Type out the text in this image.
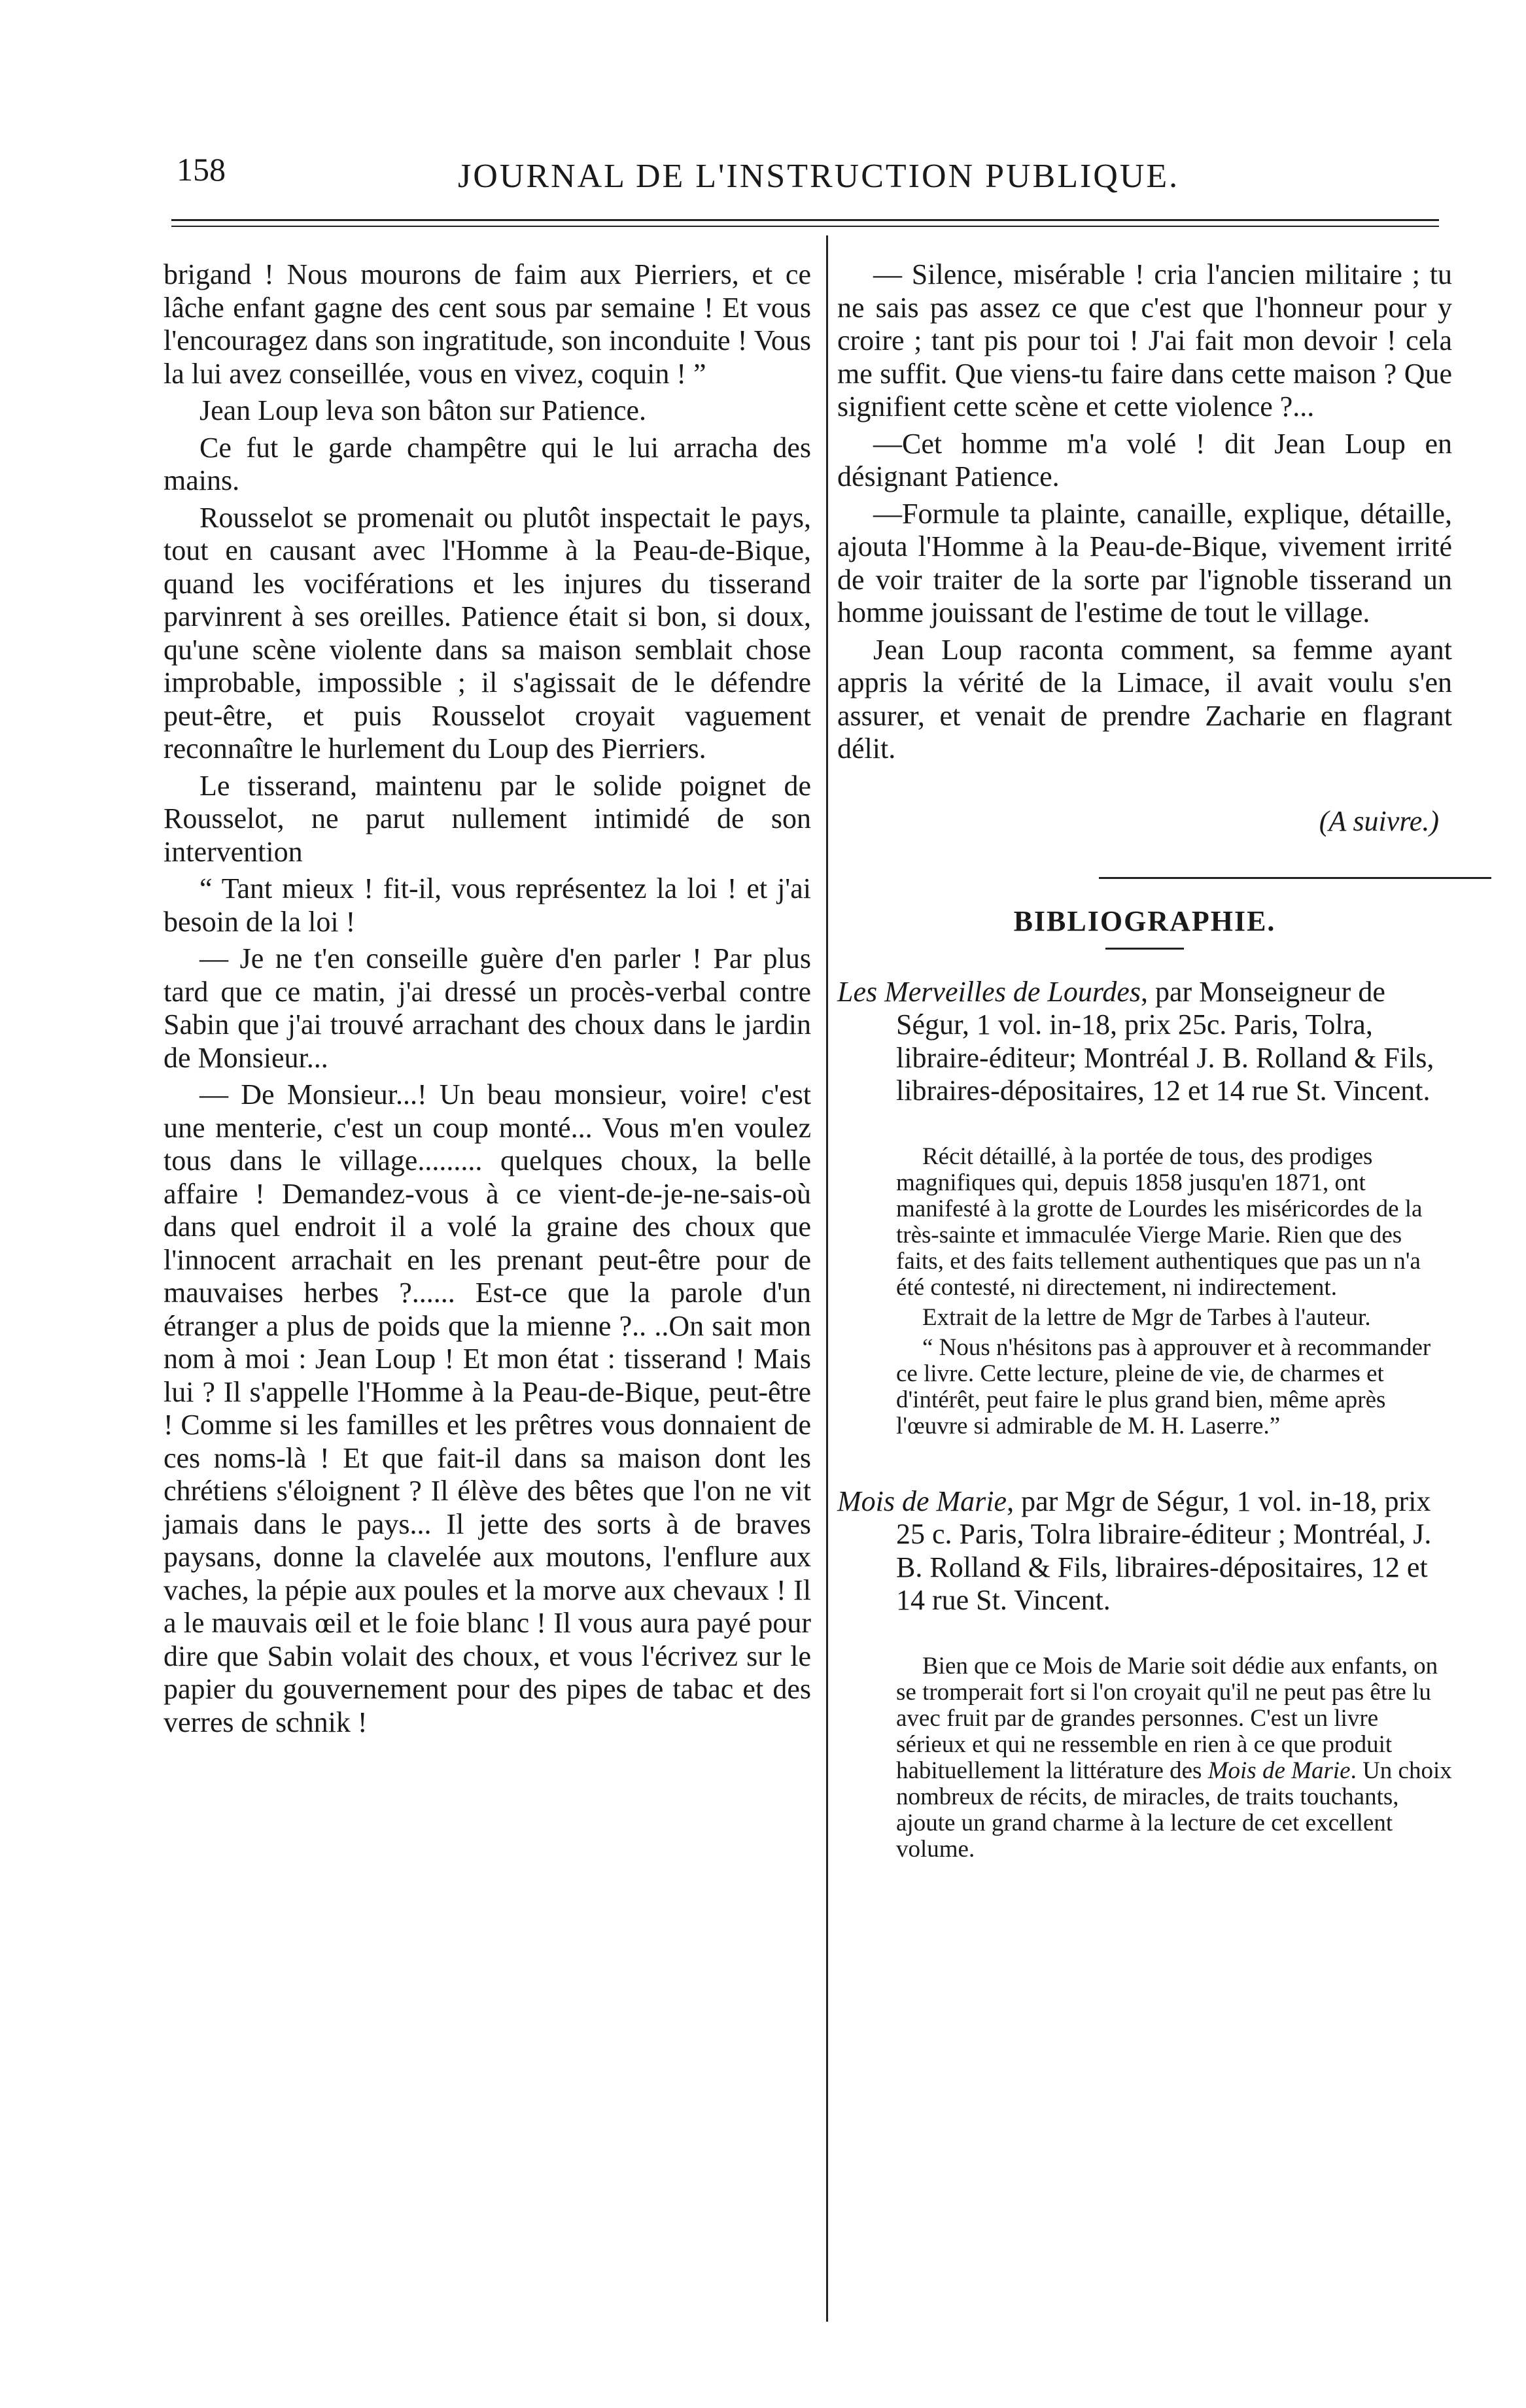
158	JOURNAL DE L'INSTRUCTION PUBLIQUE.

brigand ! Nous mourons de faim aux Pierriers, et ce lâche enfant gagne des cent sous par semaine ! Et vous l'encouragez dans son ingratitude, son inconduite ! Vous la lui avez conseillée, vous en vivez, coquin ! ”

Jean Loup leva son bâton sur Patience.

Ce fut le garde champêtre qui le lui arracha des mains.

Rousselot se promenait ou plutôt inspectait le pays, tout en causant avec l'Homme à la Peau-de-Bique, quand les vociférations et les injures du tisserand parvinrent à ses oreilles. Patience était si bon, si doux, qu'une scène violente dans sa maison semblait chose improbable, impossible ; il s'agissait de le défendre peut-être, et puis Rousselot croyait vaguement reconnaître le hurlement du Loup des Pierriers.

Le tisserand, maintenu par le solide poignet de Rousselot, ne parut nullement intimidé de son intervention

“ Tant mieux ! fit-il, vous représentez la loi ! et j'ai besoin de la loi !

— Je ne t'en conseille guère d'en parler ! Par plus tard que ce matin, j'ai dressé un procès-verbal contre Sabin que j'ai trouvé arrachant des choux dans le jardin de Monsieur...

— De Monsieur...! Un beau monsieur, voire! c'est une menterie, c'est un coup monté... Vous m'en voulez tous dans le village......... quelques choux, la belle affaire ! Demandez-vous à ce vient-de-je-ne-sais-où dans quel endroit il a volé la graine des choux que l'innocent arrachait en les prenant peut-être pour de mauvaises herbes ?...... Est-ce que la parole d'un étranger a plus de poids que la mienne ?.. ..On sait mon nom à moi : Jean Loup ! Et mon état : tisserand ! Mais lui ? Il s'appelle l'Homme à la Peau-de-Bique, peut-être ! Comme si les familles et les prêtres vous donnaient de ces noms-là ! Et que fait-il dans sa maison dont les chrétiens s'éloignent ? Il élève des bêtes que l'on ne vit jamais dans le pays... Il jette des sorts à de braves paysans, donne la clavelée aux moutons, l'enflure aux vaches, la pépie aux poules et la morve aux chevaux ! Il a le mauvais œil et le foie blanc ! Il vous aura payé pour dire que Sabin volait des choux, et vous l'écrivez sur le papier du gouvernement pour des pipes de tabac et des verres de schnik !

— Silence, misérable ! cria l'ancien militaire ; tu ne sais pas assez ce que c'est que l'honneur pour y croire ; tant pis pour toi ! J'ai fait mon devoir ! cela me suffit. Que viens-tu faire dans cette maison ? Que signifient cette scène et cette violence ?...

—Cet homme m'a volé ! dit Jean Loup en désignant Patience.

—Formule ta plainte, canaille, explique, détaille, ajouta l'Homme à la Peau-de-Bique, vivement irrité de voir traiter de la sorte par l'ignoble tisserand un homme jouissant de l'estime de tout le village.

Jean Loup raconta comment, sa femme ayant appris la vérité de la Limace, il avait voulu s'en assurer, et venait de prendre Zacharie en flagrant délit.

(A suivre.)
BIBLIOGRAPHIE.

Les Merveilles de Lourdes, par Monseigneur de Ségur, 1 vol. in-18, prix 25c. Paris, Tolra, libraire-éditeur; Montréal J. B. Rolland & Fils, libraires-dépositaires, 12 et 14 rue St. Vincent.

Récit détaillé, à la portée de tous, des prodiges magnifiques qui, depuis 1858 jusqu'en 1871, ont manifesté à la grotte de Lourdes les miséricordes de la très-sainte et immaculée Vierge Marie. Rien que des faits, et des faits tellement authentiques que pas un n'a été contesté, ni directement, ni indirectement.

Extrait de la lettre de Mgr de Tarbes à l'auteur.

“ Nous n'hésitons pas à approuver et à recommander ce livre. Cette lecture, pleine de vie, de charmes et d'intérêt, peut faire le plus grand bien, même après l'œuvre si admirable de M. H. Laserre.”

Mois de Marie, par Mgr de Ségur, 1 vol. in-18, prix 25 c. Paris, Tolra libraire-éditeur ; Montréal, J. B. Rolland & Fils, libraires-dépositaires, 12 et 14 rue St. Vincent.

Bien que ce Mois de Marie soit dédie aux enfants, on se tromperait fort si l'on croyait qu'il ne peut pas être lu avec fruit par de grandes personnes. C'est un livre sérieux et qui ne ressemble en rien à ce que produit habituellement la littérature des Mois de Marie. Un choix nombreux de récits, de miracles, de traits touchants, ajoute un grand charme à la lecture de cet excellent volume.
